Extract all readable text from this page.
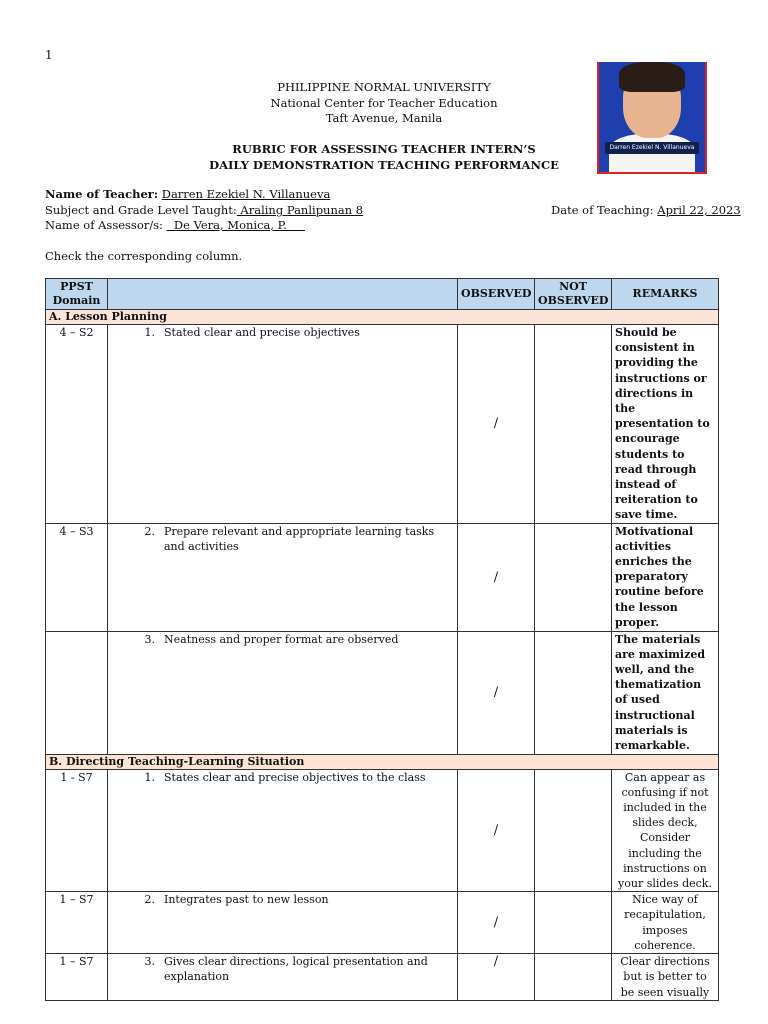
1
PHILIPPINE NORMAL UNIVERSITY
National Center for Teacher Education
Taft Avenue, Manila
RUBRIC FOR ASSESSING TEACHER INTERN’S
DAILY DEMONSTRATION TEACHING PERFORMANCE
Darren Ezekiel N. Villanueva
Name of Teacher: Darren Ezekiel N. Villanueva
Subject and Grade Level Taught: Araling Panlipunan 8
Name of Assessor/s:   De Vera, Monica, P.
Date of Teaching: April 22, 2023
Check the corresponding column.
PPST Domain		OBSERVED	NOT OBSERVED	REMARKS
A. Lesson Planning				
4 – S2	1. Stated clear and precise objectives	/		Should be consistent in providing the instructions or directions in the presentation to encourage students to read through instead of reiteration to save time.
4 – S3	2. Prepare relevant and appropriate learning tasks and activities	/		Motivational activities enriches the preparatory routine before the lesson proper.

	3. Neatness and proper format are observed	/		The materials are maximized well, and the thematization of used instructional materials is remarkable.
B. Directing Teaching-Learning Situation				
1 - S7	1. States clear and precise objectives to the class	/		Can appear as confusing if not included in the slides deck, Consider including the instructions on your slides deck.
1 – S7	2. Integrates past to new lesson	/		Nice way of recapitulation, imposes coherence.
1 – S7	3. Gives clear directions, logical presentation and explanation	/		Clear directions but is better to be seen visually
